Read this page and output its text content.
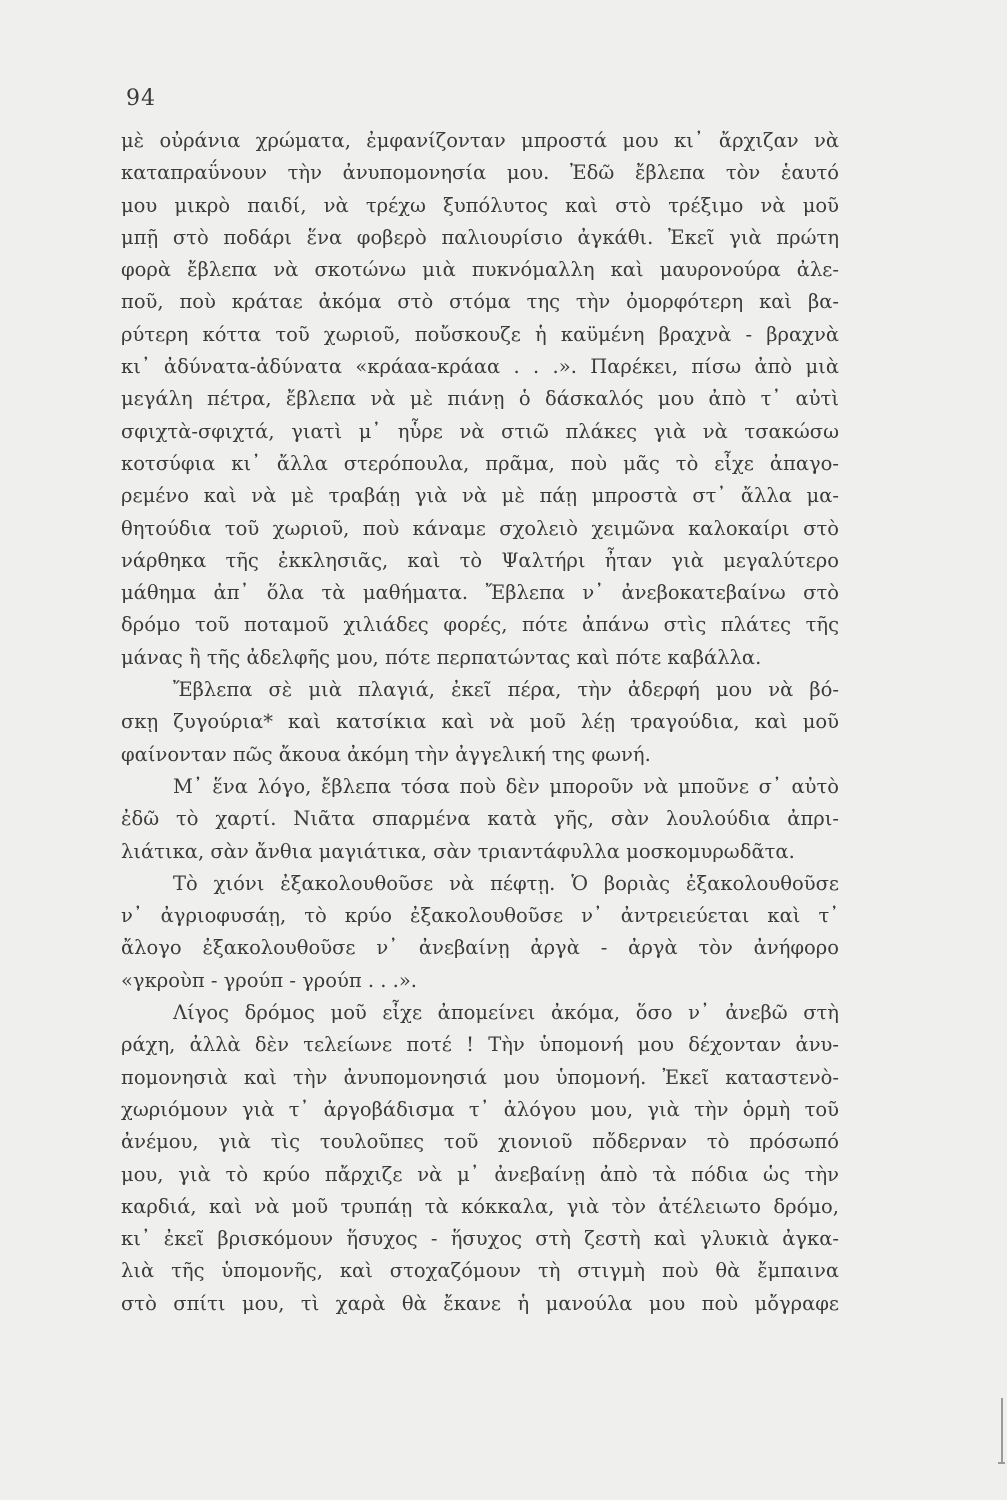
94
μὲ οὐράνια χρώματα, ἐμφανίζονταν μπροστά μου κι᾿ ἄρχιζαν νὰ
καταπραΰνουν τὴν ἀνυπομονησία μου. Ἐδῶ ἔβλεπα τὸν ἑαυτό
μου μικρὸ παιδί, νὰ τρέχω ξυπόλυτος καὶ στὸ τρέξιμο νὰ μοῦ
μπῇ στὸ ποδάρι ἕνα φοβερὸ παλιουρίσιο ἀγκάθι. Ἐκεῖ γιὰ πρώτη
φορὰ ἔβλεπα νὰ σκοτώνω μιὰ πυκνόμαλλη καὶ μαυρονούρα ἀλε-
ποῦ, ποὺ κράταε ἀκόμα στὸ στόμα της τὴν ὀμορφότερη καὶ βα-
ρύτερη κόττα τοῦ χωριοῦ, ποὔσκουζε ἡ καϋμένη βραχνὰ - βραχνὰ
κι᾿ ἀδύνατα-ἀδύνατα «κράαα-κράαα . . .». Παρέκει, πίσω ἀπὸ μιὰ
μεγάλη πέτρα, ἔβλεπα νὰ μὲ πιάνῃ ὁ δάσκαλός μου ἀπὸ τ᾿ αὐτὶ
σφιχτὰ-σφιχτά, γιατὶ μ᾿ ηὗρε νὰ στιῶ πλάκες γιὰ νὰ τσακώσω
κοτσύφια κι᾿ ἄλλα στερόπουλα, πρᾶμα, ποὺ μᾶς τὸ εἶχε ἀπαγο-
ρεμένο καὶ νὰ μὲ τραβάῃ γιὰ νὰ μὲ πάῃ μπροστὰ στ᾿ ἄλλα μα-
θητούδια τοῦ χωριοῦ, ποὺ κάναμε σχολειὸ χειμῶνα καλοκαίρι στὸ
νάρθηκα τῆς ἐκκλησιᾶς, καὶ τὸ Ψαλτήρι ἦταν γιὰ μεγαλύτερο
μάθημα ἀπ᾿ ὅλα τὰ μαθήματα. Ἔβλεπα ν᾿ ἀνεβοκατεβαίνω στὸ
δρόμο τοῦ ποταμοῦ χιλιάδες φορές, πότε ἀπάνω στὶς πλάτες τῆς
μάνας ἢ τῆς ἀδελφῆς μου, πότε περπατώντας καὶ πότε καβάλλα.
Ἔβλεπα σὲ μιὰ πλαγιά, ἐκεῖ πέρα, τὴν ἀδερφή μου νὰ βό-
σκῃ ζυγούρια* καὶ κατσίκια καὶ νὰ μοῦ λέῃ τραγούδια, καὶ μοῦ
φαίνονταν πῶς ἄκουα ἀκόμη τὴν ἀγγελική της φωνή.
Μ᾿ ἕνα λόγο, ἔβλεπα τόσα ποὺ δὲν μποροῦν νὰ μποῦνε σ᾿ αὐτὸ
ἐδῶ τὸ χαρτί. Νιᾶτα σπαρμένα κατὰ γῆς, σὰν λουλούδια ἀπρι-
λιάτικα, σὰν ἄνθια μαγιάτικα, σὰν τριαντάφυλλα μοσκομυρωδᾶτα.
Τὸ χιόνι ἐξακολουθοῦσε νὰ πέφτῃ. Ὁ βοριὰς ἐξακολουθοῦσε
ν᾿ ἀγριοφυσάῃ, τὸ κρύο ἐξακολουθοῦσε ν᾿ ἀντρειεύεται καὶ τ᾿
ἄλογο ἐξακολουθοῦσε ν᾿ ἀνεβαίνῃ ἀργὰ - ἀργὰ τὸν ἀνήφορο
«γκροὺπ - γρούπ - γρούπ . . .».
Λίγος δρόμος μοῦ εἶχε ἀπομείνει ἀκόμα, ὅσο ν᾿ ἀνεβῶ στὴ
ράχη, ἀλλὰ δὲν τελείωνε ποτέ ! Τὴν ὑπομονή μου δέχονταν ἀνυ-
πομονησιὰ καὶ τὴν ἀνυπομονησιά μου ὑπομονή. Ἐκεῖ καταστενὸ-
χωριόμουν γιὰ τ᾿ ἀργοβάδισμα τ᾿ ἀλόγου μου, γιὰ τὴν ὁρμὴ τοῦ
ἀνέμου, γιὰ τὶς τουλοῦπες τοῦ χιονιοῦ πὄδερναν τὸ πρόσωπό
μου, γιὰ τὸ κρύο πἄρχιζε νὰ μ᾿ ἀνεβαίνῃ ἀπὸ τὰ πόδια ὡς τὴν
καρδιά, καὶ νὰ μοῦ τρυπάῃ τὰ κόκκαλα, γιὰ τὸν ἀτέλειωτο δρόμο,
κι᾿ ἐκεῖ βρισκόμουν ἥσυχος - ἥσυχος στὴ ζεστὴ καὶ γλυκιὰ ἀγκα-
λιὰ τῆς ὑπομονῆς, καὶ στοχαζόμουν τὴ στιγμὴ ποὺ θὰ ἔμπαινα
στὸ σπίτι μου, τὶ χαρὰ θὰ ἔκανε ἡ μανούλα μου ποὺ μὄγραφε
